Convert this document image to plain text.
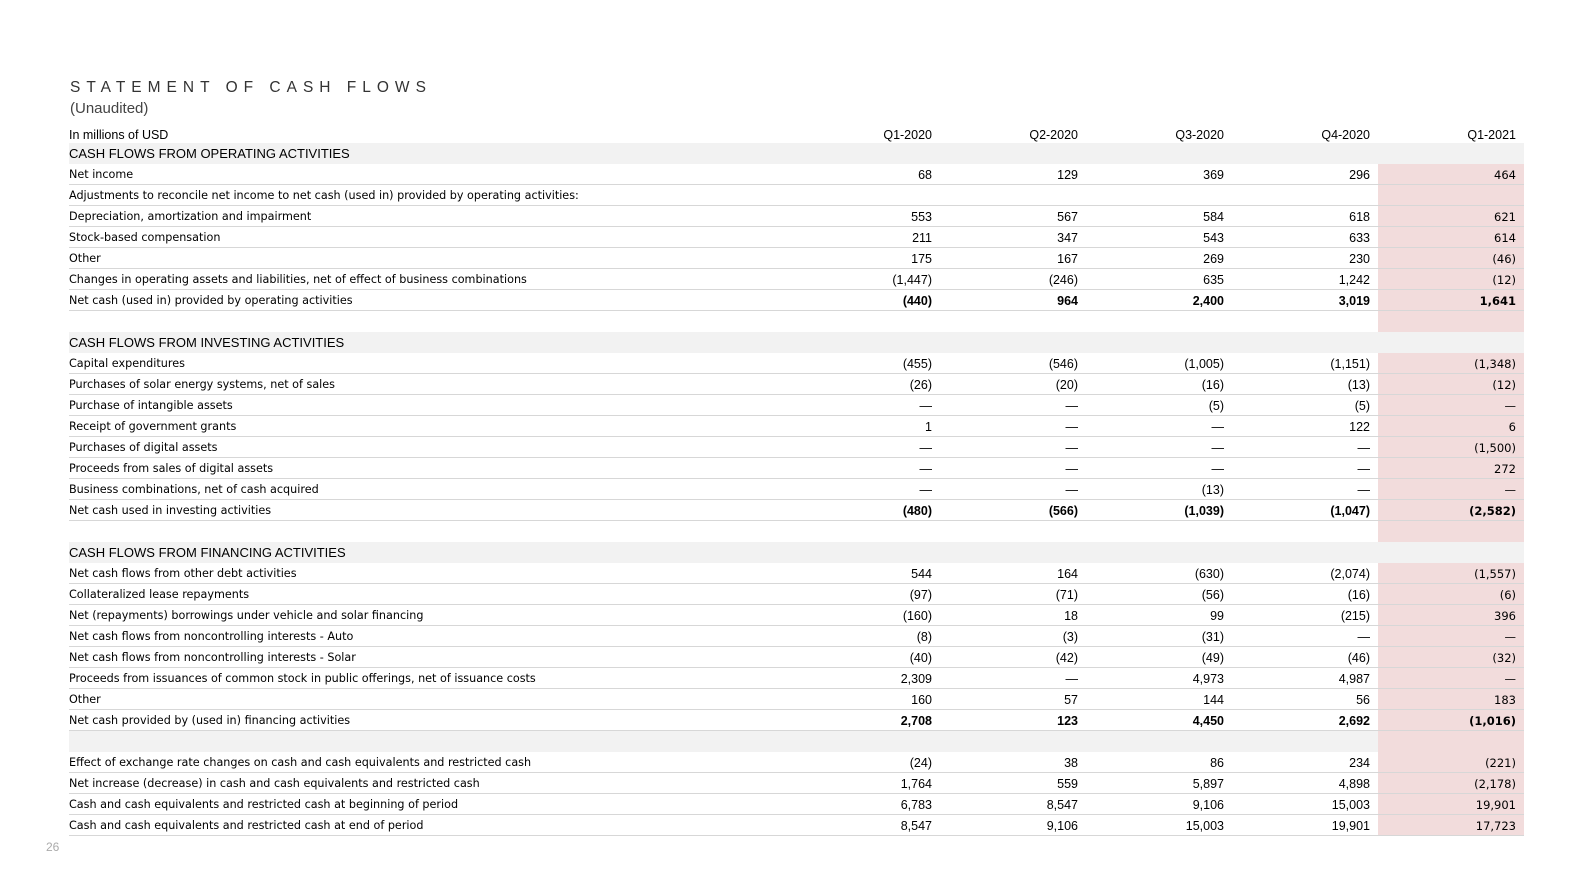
STATEMENT OF CASH FLOWS
(Unaudited)
In millions of USD	Q1-2020	Q2-2020	Q3-2020	Q4-2020	Q1-2021
CASH FLOWS FROM OPERATING ACTIVITIES
Net income	68	129	369	296	464
Adjustments to reconcile net income to net cash (used in) provided by operating activities:
Depreciation, amortization and impairment	553	567	584	618	621
Stock-based compensation	211	347	543	633	614
Other	175	167	269	230	(46)
Changes in operating assets and liabilities, net of effect of business combinations	(1,447)	(246)	635	1,242	(12)
Net cash (used in) provided by operating activities	(440)	964	2,400	3,019	1,641
CASH FLOWS FROM INVESTING ACTIVITIES
Capital expenditures	(455)	(546)	(1,005)	(1,151)	(1,348)
Purchases of solar energy systems, net of sales	(26)	(20)	(16)	(13)	(12)
Purchase of intangible assets	—	—	(5)	(5)	—
Receipt of government grants	1	—	—	122	6
Purchases of digital assets	—	—	—	—	(1,500)
Proceeds from sales of digital assets	—	—	—	—	272
Business combinations, net of cash acquired	—	—	(13)	—	—
Net cash used in investing activities	(480)	(566)	(1,039)	(1,047)	(2,582)
CASH FLOWS FROM FINANCING ACTIVITIES
Net cash flows from other debt activities	544	164	(630)	(2,074)	(1,557)
Collateralized lease repayments	(97)	(71)	(56)	(16)	(6)
Net (repayments) borrowings under vehicle and solar financing	(160)	18	99	(215)	396
Net cash flows from noncontrolling interests - Auto	(8)	(3)	(31)	—	—
Net cash flows from noncontrolling interests - Solar	(40)	(42)	(49)	(46)	(32)
Proceeds from issuances of common stock in public offerings, net of issuance costs	2,309	—	4,973	4,987	—
Other	160	57	144	56	183
Net cash provided by (used in) financing activities	2,708	123	4,450	2,692	(1,016)
Effect of exchange rate changes on cash and cash equivalents and restricted cash	(24)	38	86	234	(221)
Net increase (decrease) in cash and cash equivalents and restricted cash	1,764	559	5,897	4,898	(2,178)
Cash and cash equivalents and restricted cash at beginning of period	6,783	8,547	9,106	15,003	19,901
Cash and cash equivalents and restricted cash at end of period	8,547	9,106	15,003	19,901	17,723
26
